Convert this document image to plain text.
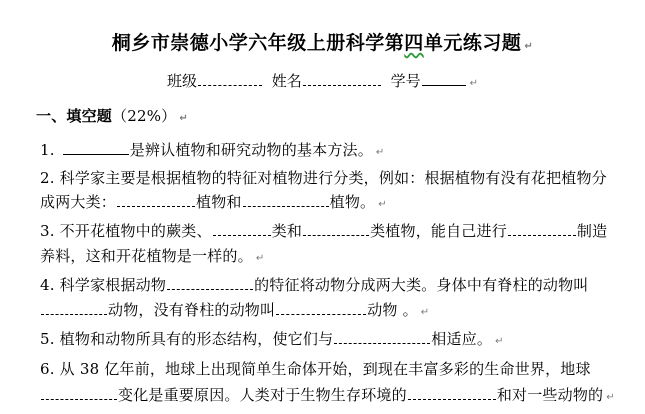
桐乡市崇德小学六年级上册科学第四单元练习题 ↵
班级	姓名	学号	↵
一、填空题（22%） ↵
1.	是辨认植物和研究动物的基本方法。 ↵
2. 科学家主要是根据植物的特征对植物进行分类，例如：根据植物有没有花把植物分
成两大类：	植物和	植物。 ↵
3. 不开花植物中的蕨类、	类和	类植物，能自己进行	制造
养料，这和开花植物是一样的。 ↵
4. 科学家根据动物	的特征将动物分成两大类。身体中有脊柱的动物叫
动物，没有脊柱的动物叫	动物 。 ↵
5. 植物和动物所具有的形态结构，使它们与	相适应。 ↵
6. 从 38 亿年前，地球上出现简单生命体开始，到现在丰富多彩的生命世界，地球
变化是重要原因。人类对于生物生存环境的	和对一些动物的 ↵
